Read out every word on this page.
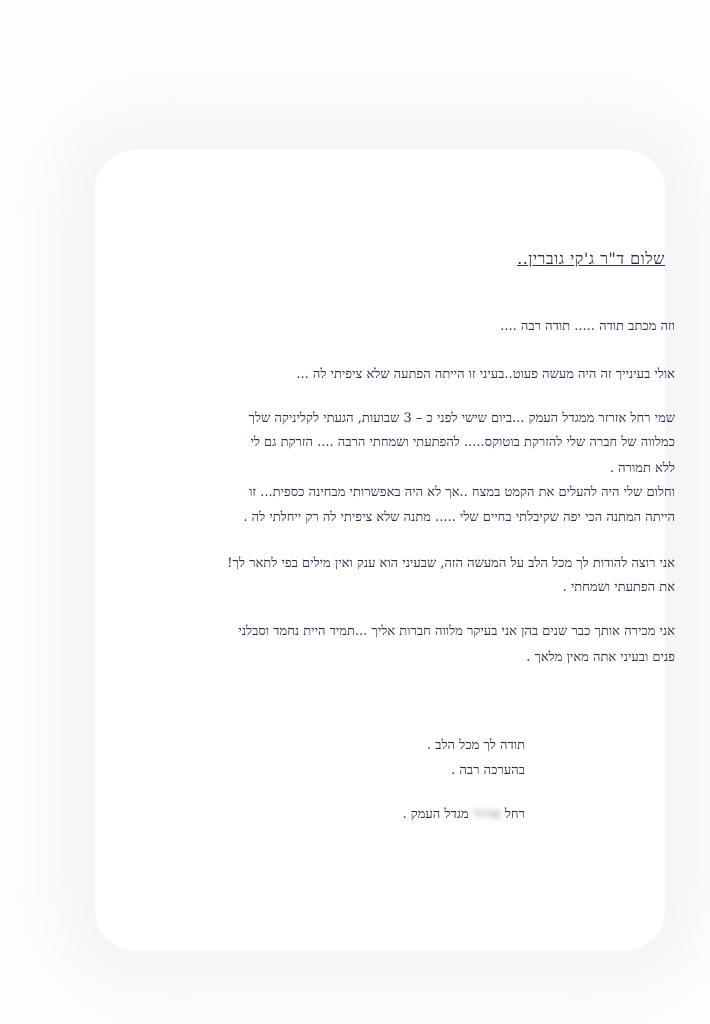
שלום ד"ר ג'קי גוברין..
וזה מכתב תודה ..... תודה רבה ....
אולי בעינייך זה היה מעשה פעוט..בעיני זו הייתה הפתעה שלא ציפיתי לה ...
שמי רחל אזרזר ממגדל העמק ...ביום שישי לפני כ – 3 שבועות, הגעתי לקליניקה שלך
כמלווה של חברה שלי להזרקת בוטוקס..... להפתעתי ושמחתי הרבה .... הזרקת גם לי
ללא תמורה .
וחלום שלי היה להעלים את הקמט במצח ..אך לא היה באפשרותי מבחינה כספית... זו
הייתה המתנה הכי יפה שקיבלתי בחיים שלי ..... מתנה שלא ציפיתי לה רק ייחלתי לה .
אני רוצה להודות לך מכל הלב על המעשה הזה, שבעיני הוא ענק ואין מילים בפי לתאר לך!
את הפתעתי ושמחתי .
אני מכירה אותך כבר שנים בהן אני בעיקר מלווה חברות אליך ...תמיד היית נחמד וסבלני
פנים ובעיני אתה מאין מלאך .
תודה לך מכל הלב .
בהערכה רבה .
רחל אזרזר מגדל העמק .
